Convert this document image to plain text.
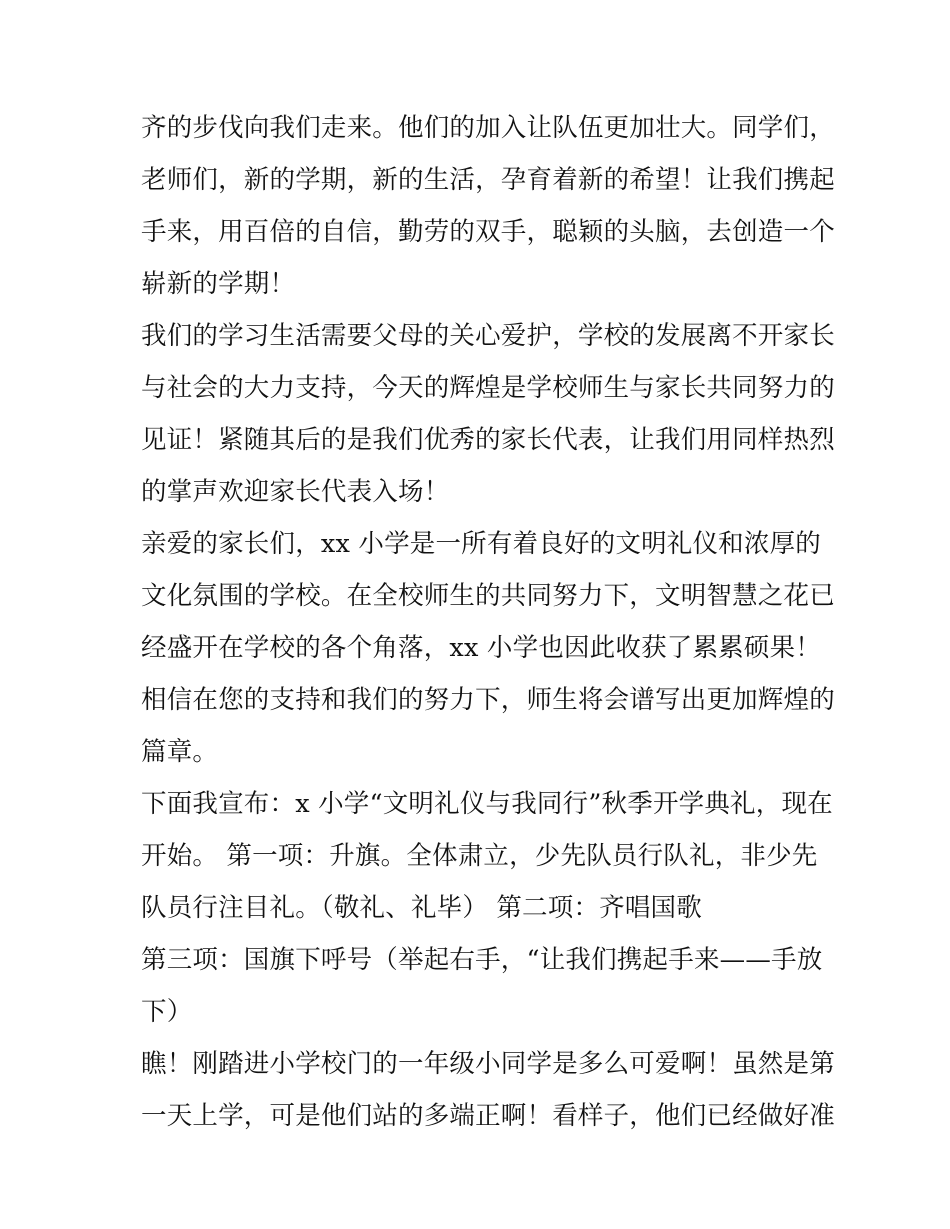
齐的步伐向我们走来。他们的加入让队伍更加壮大。同学们，
老师们，新的学期，新的生活，孕育着新的希望！让我们携起
手来，用百倍的自信，勤劳的双手，聪颖的头脑，去创造一个
崭新的学期！
我们的学习生活需要父母的关心爱护，学校的发展离不开家长
与社会的大力支持，今天的辉煌是学校师生与家长共同努力的
见证！紧随其后的是我们优秀的家长代表，让我们用同样热烈
的掌声欢迎家长代表入场！
亲爱的家长们，xx 小学是一所有着良好的文明礼仪和浓厚的
文化氛围的学校。在全校师生的共同努力下，文明智慧之花已
经盛开在学校的各个角落，xx 小学也因此收获了累累硕果！
相信在您的支持和我们的努力下，师生将会谱写出更加辉煌的
篇章。
下面我宣布：x 小学“文明礼仪与我同行”秋季开学典礼，现在
开始。 第一项：升旗。全体肃立，少先队员行队礼，非少先
队员行注目礼。（敬礼、礼毕） 第二项：齐唱国歌
第三项：国旗下呼号（举起右手，“让我们携起手来——手放
下）
瞧！刚踏进小学校门的一年级小同学是多么可爱啊！虽然是第
一天上学，可是他们站的多端正啊！看样子，他们已经做好准
